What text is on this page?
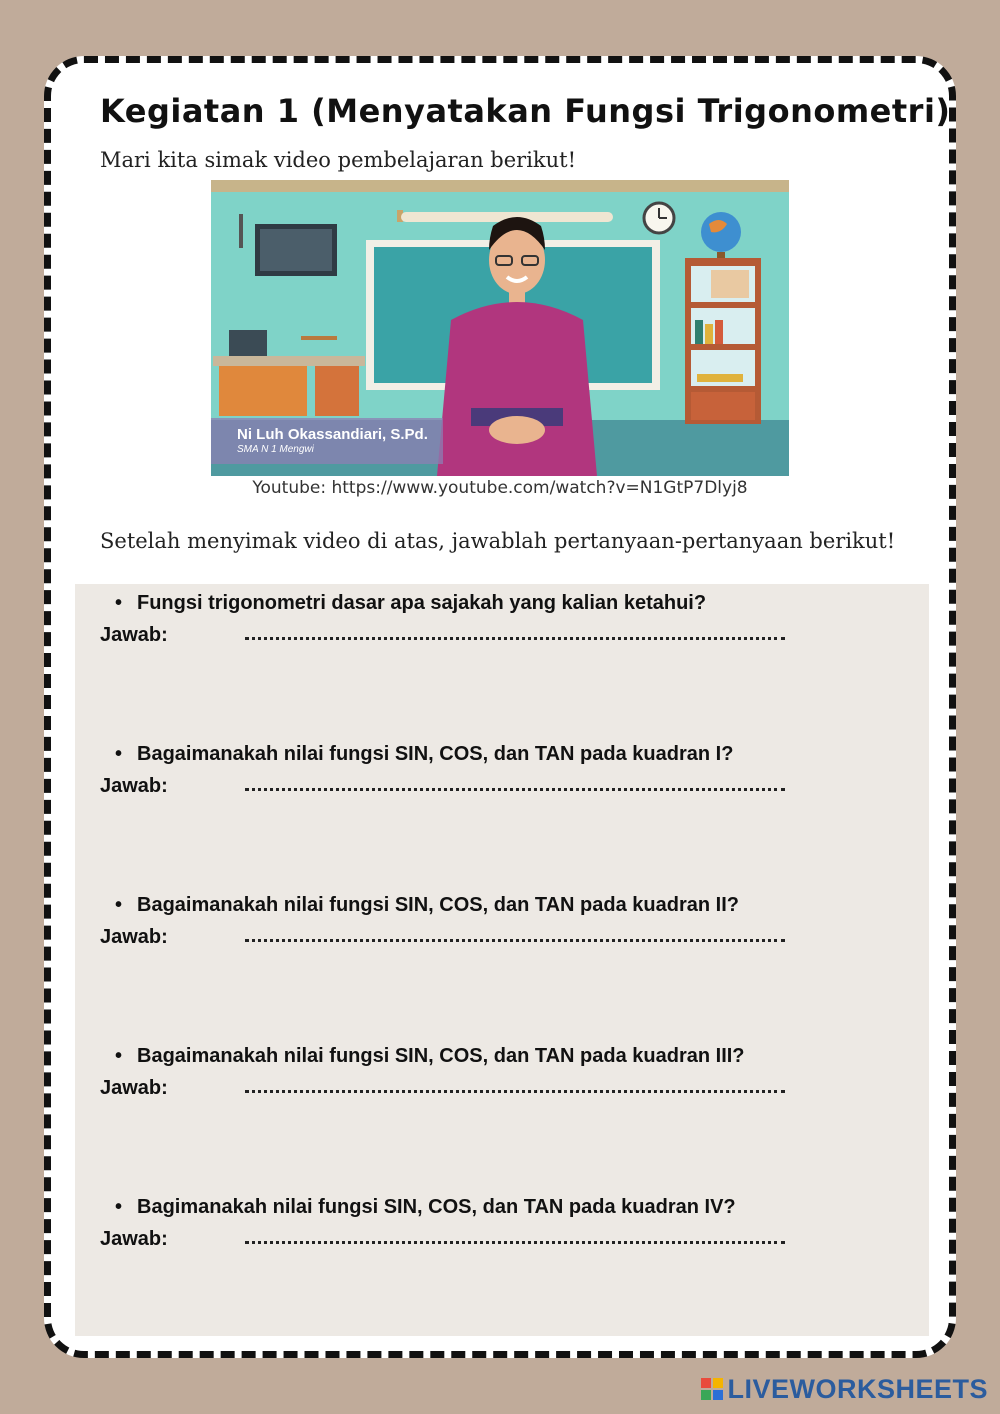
Kegiatan 1 (Menyatakan Fungsi Trigonometri)

Mari kita simak video pembelajaran berikut!

Ni Luh Okassandiari, S.Pd.
SMA N 1 Mengwi

Youtube: https://www.youtube.com/watch?v=N1GtP7Dlyj8

Setelah menyimak video di atas, jawablah pertanyaan-pertanyaan berikut!

• Fungsi trigonometri dasar apa sajakah yang kalian ketahui?
Jawab:
• Bagaimanakah nilai fungsi SIN, COS, dan TAN pada kuadran I?
Jawab:
• Bagaimanakah nilai fungsi SIN, COS, dan TAN pada kuadran II?
Jawab:
• Bagaimanakah nilai fungsi SIN, COS, dan TAN pada kuadran III?
Jawab:
• Bagimanakah nilai fungsi SIN, COS, dan TAN pada kuadran IV?
Jawab:
LIVEWORKSHEETS
